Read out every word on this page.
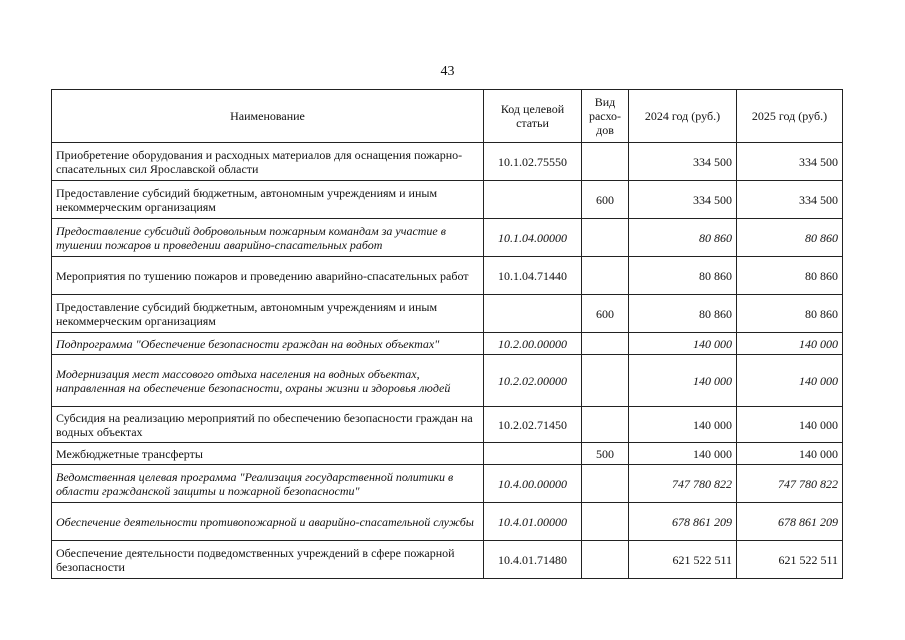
43
Наименование	Код целевой статьи	Вид расхо-дов	2024 год (руб.)	2025 год (руб.)
Приобретение оборудования и расходных материалов для оснащения пожарно-спасательных сил Ярославской области	10.1.02.75550		334 500	334 500
Предоставление субсидий бюджетным, автономным учреждениям и иным некоммерческим организациям		600	334 500	334 500
Предоставление субсидий добровольным пожарным командам за участие в тушении пожаров и проведении аварийно-спасательных работ	10.1.04.00000		80 860	80 860
Мероприятия по тушению пожаров и проведению аварийно-спасательных работ	10.1.04.71440		80 860	80 860
Предоставление субсидий бюджетным, автономным учреждениям и иным некоммерческим организациям		600	80 860	80 860
Подпрограмма "Обеспечение безопасности граждан на водных объектах"	10.2.00.00000		140 000	140 000
Модернизация мест массового отдыха населения на водных объектах, направленная на обеспечение безопасности, охраны жизни и здоровья людей	10.2.02.00000		140 000	140 000
Субсидия на реализацию мероприятий по обеспечению безопасности граждан на водных объектах	10.2.02.71450		140 000	140 000
Межбюджетные трансферты		500	140 000	140 000
Ведомственная целевая программа "Реализация государственной политики в области гражданской защиты и пожарной безопасности"	10.4.00.00000		747 780 822	747 780 822
Обеспечение деятельности противопожарной и аварийно-спасательной службы	10.4.01.00000		678 861 209	678 861 209
Обеспечение деятельности подведомственных учреждений в сфере пожарной безопасности	10.4.01.71480		621 522 511	621 522 511
